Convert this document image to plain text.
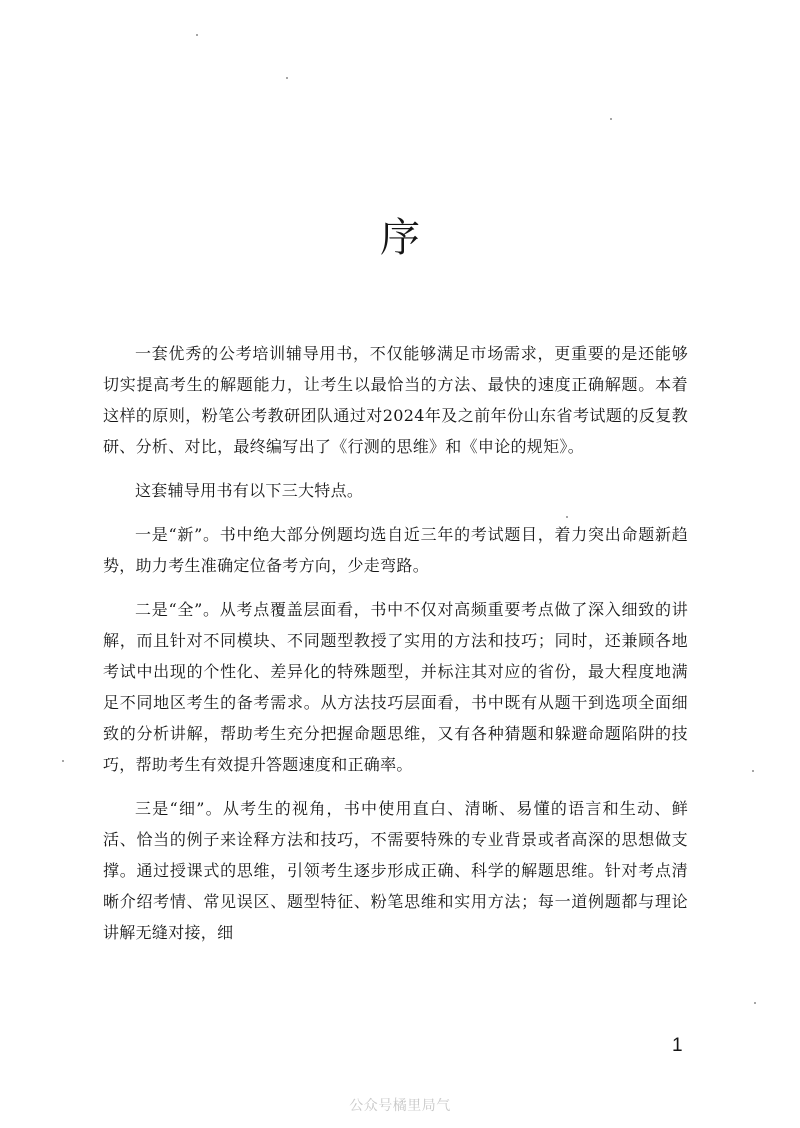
序

一套优秀的公考培训辅导用书，不仅能够满足市场需求，更重要的是还能够切实提高考生的解题能力，让考生以最恰当的方法、最快的速度正确解题。本着这样的原则，粉笔公考教研团队通过对2024年及之前年份山东省考试题的反复教研、分析、对比，最终编写出了《行测的思维》和《申论的规矩》。

这套辅导用书有以下三大特点。

一是“新”。书中绝大部分例题均选自近三年的考试题目，着力突出命题新趋势，助力考生准确定位备考方向，少走弯路。

二是“全”。从考点覆盖层面看，书中不仅对高频重要考点做了深入细致的讲解，而且针对不同模块、不同题型教授了实用的方法和技巧；同时，还兼顾各地考试中出现的个性化、差异化的特殊题型，并标注其对应的省份，最大程度地满足不同地区考生的备考需求。从方法技巧层面看，书中既有从题干到选项全面细致的分析讲解，帮助考生充分把握命题思维，又有各种猜题和躲避命题陷阱的技巧，帮助考生有效提升答题速度和正确率。

三是“细”。从考生的视角，书中使用直白、清晰、易懂的语言和生动、鲜活、恰当的例子来诠释方法和技巧，不需要特殊的专业背景或者高深的思想做支撑。通过授课式的思维，引领考生逐步形成正确、科学的解题思维。针对考点清晰介绍考情、常见误区、题型特征、粉笔思维和实用方法；每一道例题都与理论讲解无缝对接，细

1
公众号橘里局气
